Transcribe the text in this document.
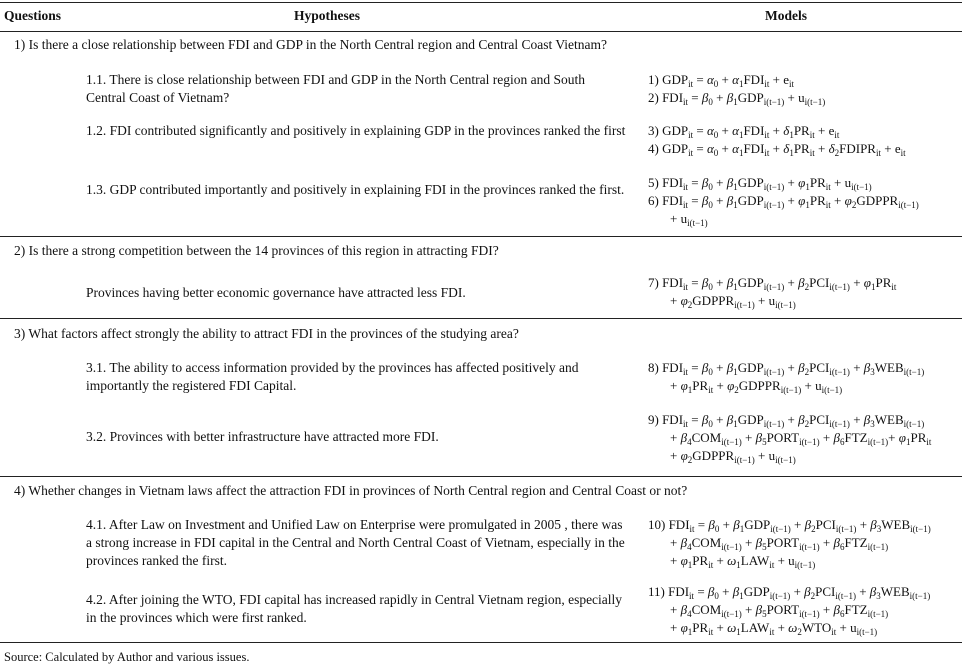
Questions	Hypotheses	Models
1) Is there a close relationship between FDI and GDP in the North Central region and Central Coast Vietnam?
1.1. There is close relationship between FDI and GDP in the North Central region and South Central Coast of Vietnam?
1) $GDP_{it} = \alpha_0 + \alpha_1FDI_{it} + e_{it}$
2) $FDI_{it} = \beta_0 + \beta_1GDP_{i(t-1)} + u_{i(t-1)}$
1.2. FDI contributed significantly and positively in explaining GDP in the provinces ranked the first 3) $GDP_{it} = \alpha_0 + \alpha_1FDI_{it} + \delta_1PR_{it} + e_{it}$
4) $GDP_{it} = \alpha_0 + \alpha_1FDI_{it} + \delta_1PR_{it}$ + $\delta_2FDIPR_{it} + e_{it}$
1.3. GDP contributed importantly and positively in explaining FDI in the provinces ranked the first. 5) $FDI_{it} = \beta_0 + \beta_1GDP_{i(t-1)} + \varphi_1PR_{it} + u_{i(t-1)}$
6) $FDI_{it} = \beta_0 + \beta_1GDP_{i(t-1)} + \varphi_1PR_{it}$ + $\varphi_2GDPPR_{i(t-1)}$
+ $u_{i(t-1)}$
2) Is there a strong competition between the 14 provinces of this region in attracting FDI?
Provinces having better economic governance have attracted less FDI.
7) $FDI_{it} = \beta_0 + \beta_1GDP_{i(t-1)} + \beta_2PCI_{i(t-1)} + \varphi_1PR_{it}$
+ $\varphi_2GDPPR_{i(t-1)} + u_{i(t-1)}$
3) What factors affect strongly the ability to attract FDI in the provinces of the studying area?
3.1. The ability to access information provided by the provinces has affected positively and importantly the registered FDI Capital.
8) $FDI_{it} = \beta_0 + \beta_1GDP_{i(t-1)} + \beta_2PCI_{i(t-1)} + \beta_3WEB_{i(t-1)}$
+ $\varphi_1PR_{it}$ + $\varphi_2GDPPR_{i(t-1)} + u_{i(t-1)}$
3.2. Provinces with better infrastructure have attracted more FDI.
9) $FDI_{it} = \beta_0 + \beta_1GDP_{i(t-1)} + \beta_2PCI_{i(t-1)} + \beta_3WEB_{i(t-1)}$
+ $\beta_4COM_{i(t-1)}$ + $\beta_5PORT_{i(t-1)} + \beta_6FTZ_{i(t-1)}+ \varphi_1PR_{it}$
+ $\varphi_2GDPPR_{i(t-1)} + u_{i(t-1)}$
4) Whether changes in Vietnam laws affect the attraction FDI in provinces of North Central region and Central Coast or not?
4.1. After Law on Investment and Unified Law on Enterprise were promulgated in 2005 , there was a strong increase in FDI capital in the Central and North Central Coast of Vietnam, especially in the provinces ranked the first.
10) $FDI_{it} = \beta_0 + \beta_1GDP_{i(t-1)} + \beta_2PCI_{i(t-1)} + \beta_3WEB_{i(t-1)}$
+ $\beta_4COM_{i(t-1)}$ + $\beta_5PORT_{i(t-1)} + \beta_6FTZ_{i(t-1)}$
+ $\varphi_1PR_{it} + \omega_1LAW_{it} + u_{i(t-1)}$
4.2. After joining the WTO, FDI capital has increased rapidly in Central Vietnam region, especially in the provinces which were first ranked.
11) $FDI_{it} = \beta_0 + \beta_1GDP_{i(t-1)} + \beta_2PCI_{i(t-1)} + \beta_3WEB_{i(t-1)}$
+ $\beta_4COM_{i(t-1)}$ + $\beta_5PORT_{i(t-1)} + \beta_6FTZ_{i(t-1)}$
+ $\varphi_1PR_{it} + \omega_1LAW_{it} + \omega_2WTO_{it} + u_{i(t-1)}$
Source: Calculated by Author and various issues.
